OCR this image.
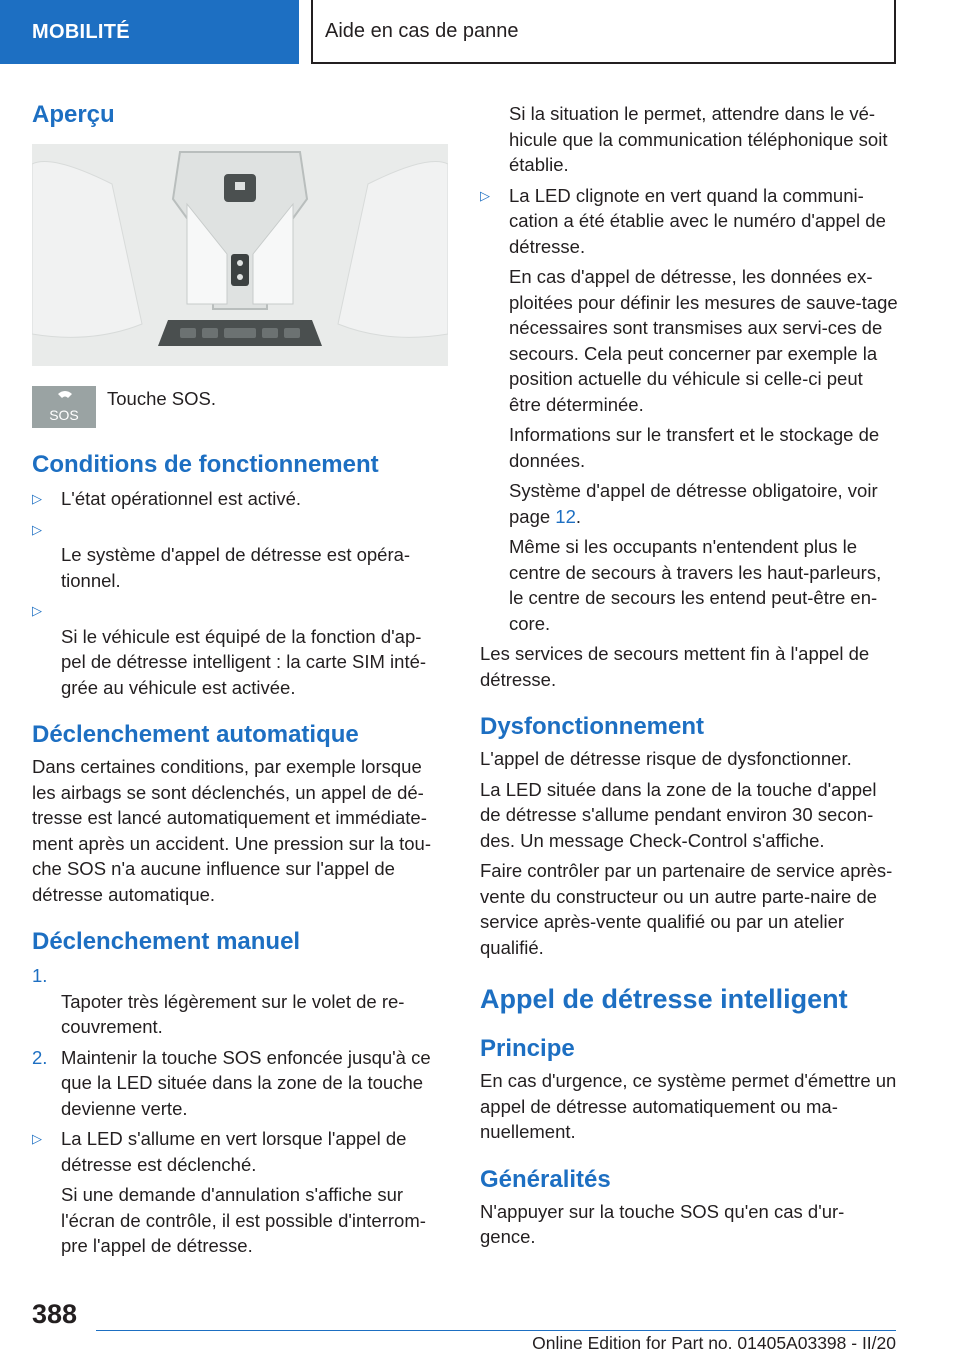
MOBILITÉ	Aide en cas de panne
Aperçu
SOS
Touche SOS.
Conditions de fonctionnement
▷ L'état opérationnel est activé.

▷
Le système d'appel de détresse est opéra-
tionnel.

▷
Si le véhicule est équipé de la fonction d'ap-
pel de détresse intelligent : la carte SIM inté-
grée au véhicule est activée.

Déclenchement automatique

Dans certaines conditions, par exemple lorsque les airbags se sont déclenchés, un appel de dé-tresse est lancé automatiquement et immédiate-ment après un accident. Une pression sur la tou-che SOS n'a aucune influence sur l'appel de détresse automatique.

Déclenchement manuel

1.
Tapoter très légèrement sur le volet de re-
couvrement.

2. Maintenir la touche SOS enfoncée jusqu'à ce que la LED située dans la zone de la touche devienne verte.
▷ La LED s'allume en vert lorsque l'appel de détresse est déclenché.

Si une demande d'annulation s'affiche sur l'écran de contrôle, il est possible d'interrom-pre l'appel de détresse.

Si la situation le permet, attendre dans le vé-hicule que la communication téléphonique soit établie.

▷ La LED clignote en vert quand la communi-cation a été établie avec le numéro d'appel de détresse.

En cas d'appel de détresse, les données ex-ploitées pour définir les mesures de sauve-tage nécessaires sont transmises aux servi-ces de secours. Cela peut concerner par exemple la position actuelle du véhicule si celle-ci peut être déterminée.

Informations sur le transfert et le stockage de données.

Système d'appel de détresse obligatoire, voir page 12.

Même si les occupants n'entendent plus le centre de secours à travers les haut-parleurs, le centre de secours les entend peut-être en-core.

Les services de secours mettent fin à l'appel de détresse.

Dysfonctionnement

L'appel de détresse risque de dysfonctionner.

La LED située dans la zone de la touche d'appel de détresse s'allume pendant environ 30 secon-des. Un message Check-Control s'affiche.

Faire contrôler par un partenaire de service après-vente du constructeur ou un autre parte-naire de service après-vente qualifié ou par un atelier qualifié.

Appel de détresse intelligent
Principe

En cas d'urgence, ce système permet d'émettre un appel de détresse automatiquement ou ma-nuellement.

Généralités

N'appuyer sur la touche SOS qu'en cas d'ur-gence.

388
Online Edition for Part no. 01405A03398 - II/20
